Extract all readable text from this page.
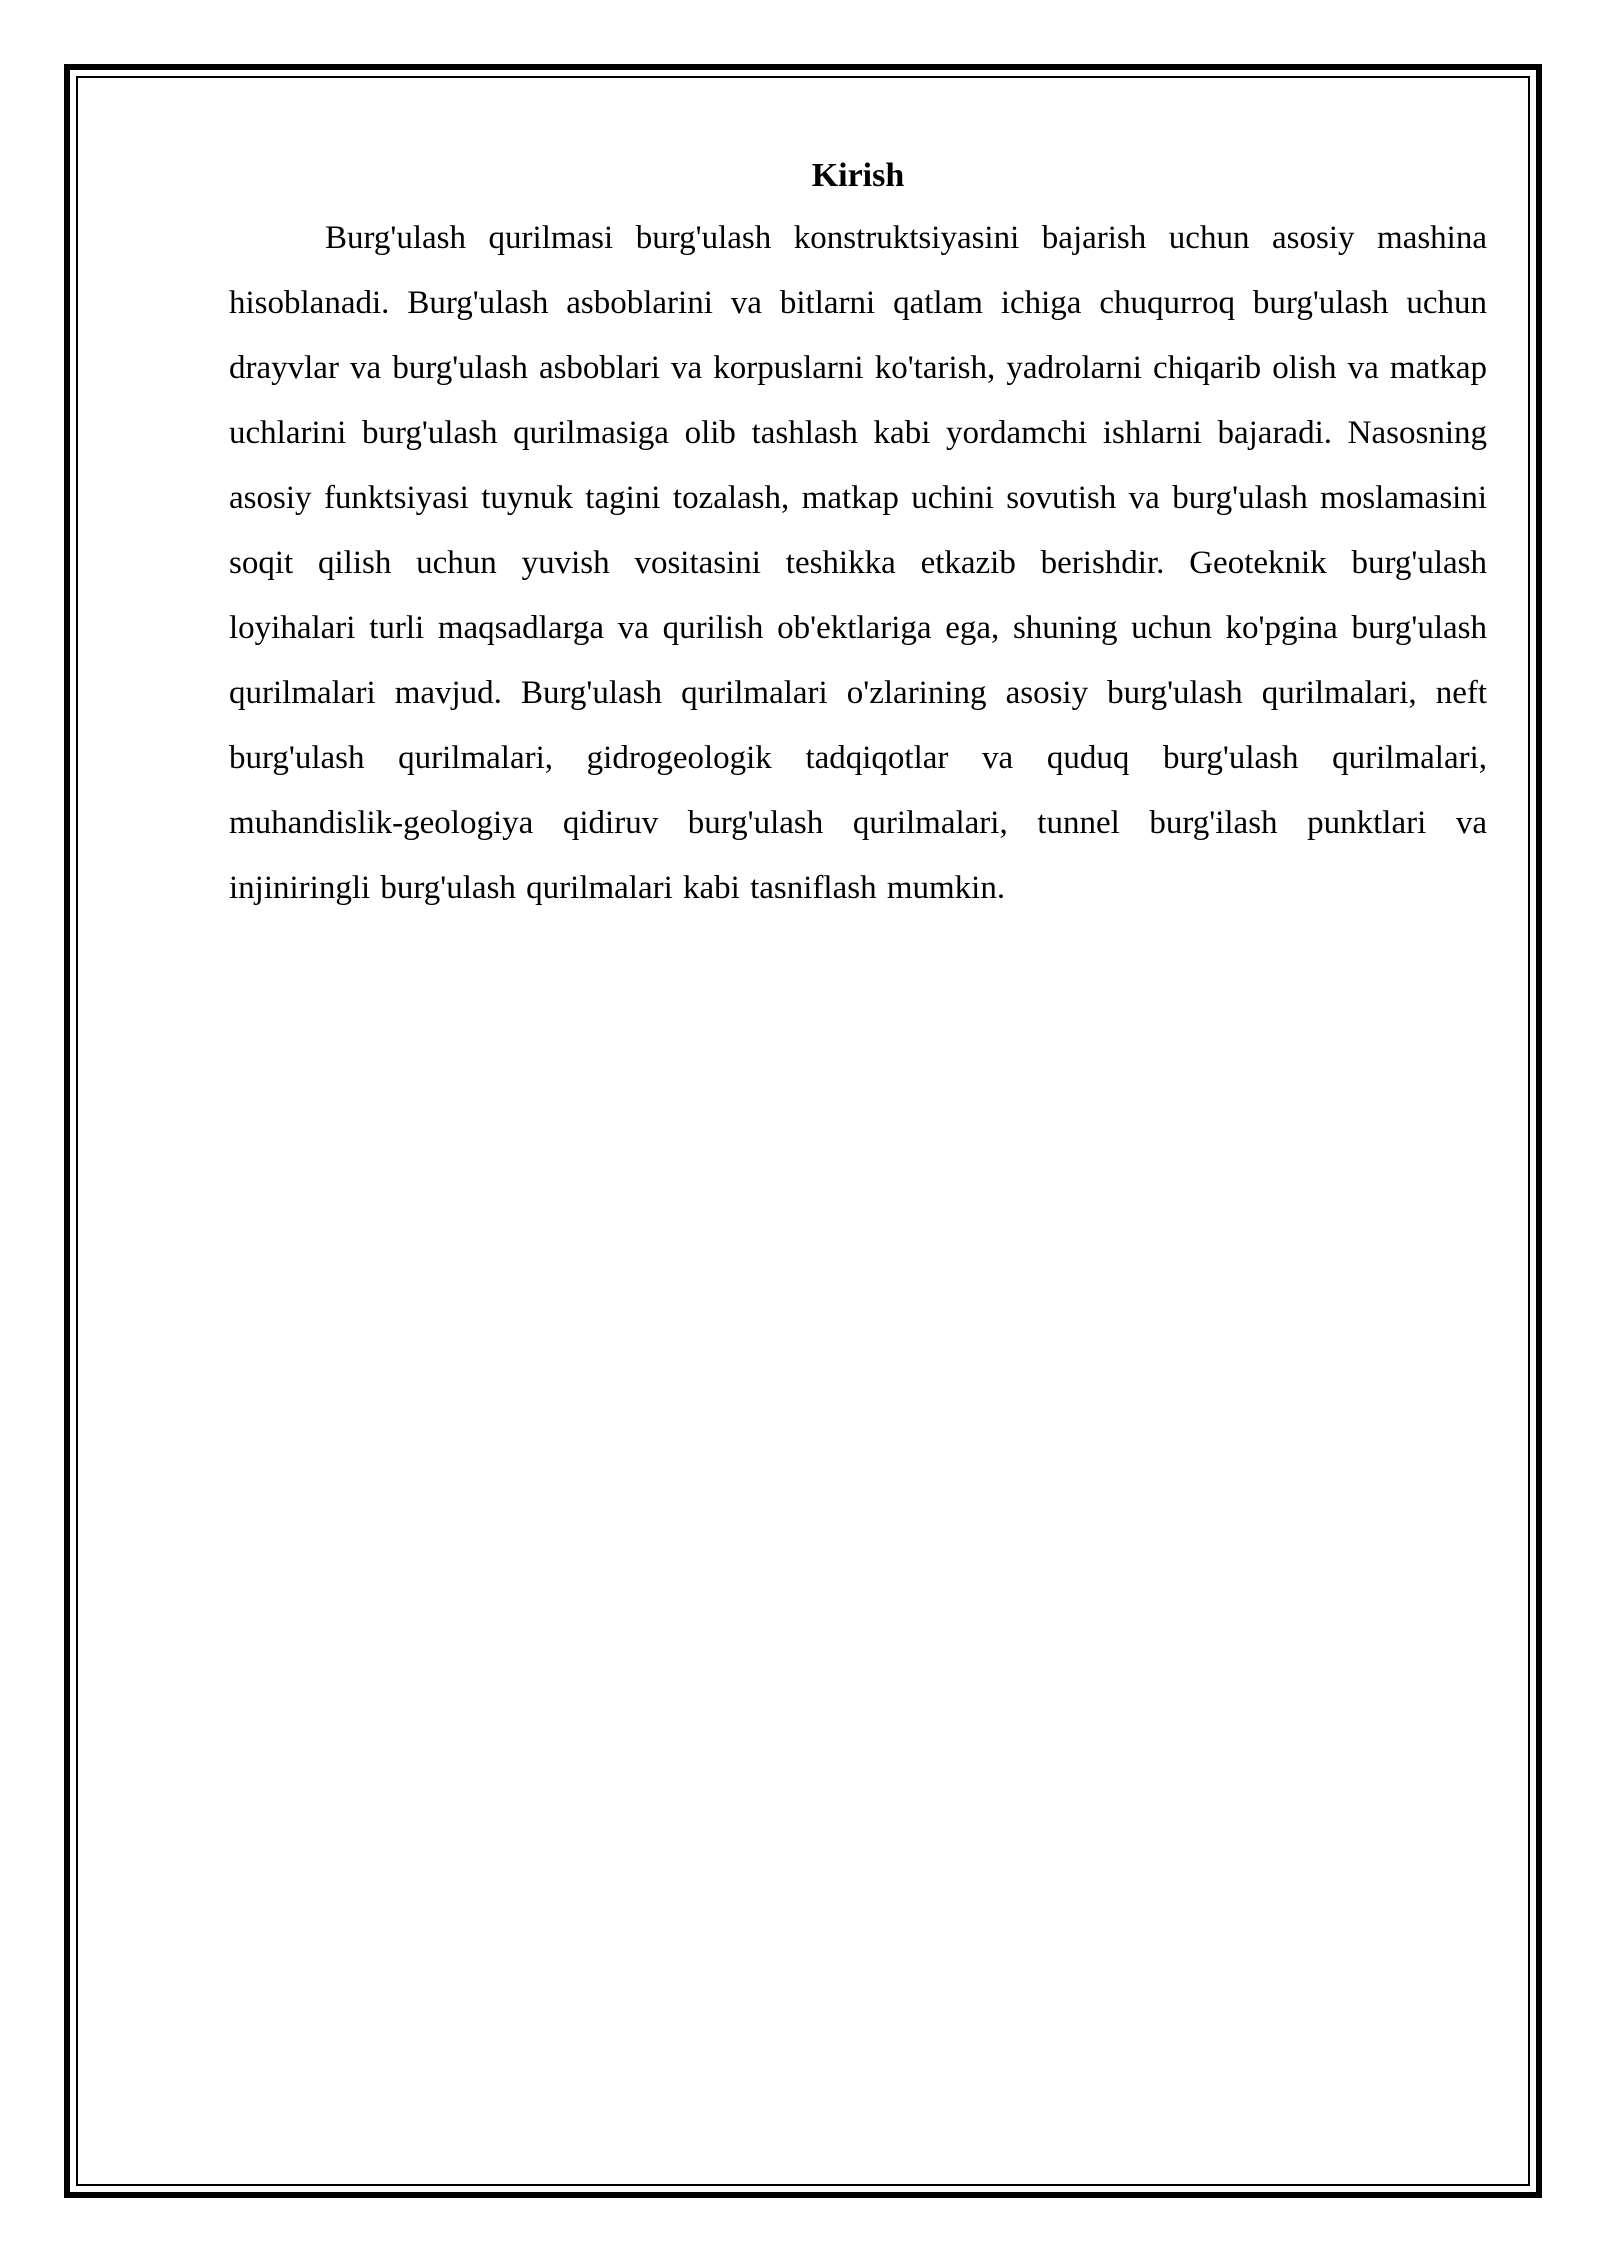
Kirish

Burg'ulash qurilmasi burg'ulash konstruktsiyasini bajarish uchun asosiy mashina hisoblanadi. Burg'ulash asboblarini va bitlarni qatlam ichiga chuqurroq burg'ulash uchun drayvlar va burg'ulash asboblari va korpuslarni ko'tarish, yadrolarni chiqarib olish va matkap uchlarini burg'ulash qurilmasiga olib tashlash kabi yordamchi ishlarni bajaradi. Nasosning asosiy funktsiyasi tuynuk tagini tozalash, matkap uchini sovutish va burg'ulash moslamasini soqit qilish uchun yuvish vositasini teshikka etkazib berishdir. Geoteknik burg'ulash loyihalari turli maqsadlarga va qurilish ob'ektlariga ega, shuning uchun ko'pgina burg'ulash qurilmalari mavjud. Burg'ulash qurilmalari o'zlarining asosiy burg'ulash qurilmalari, neft burg'ulash qurilmalari, gidrogeologik tadqiqotlar va quduq burg'ulash qurilmalari, muhandislik-geologiya qidiruv burg'ulash qurilmalari, tunnel burg'ilash punktlari va injiniringli burg'ulash qurilmalari kabi tasniflash mumkin.
